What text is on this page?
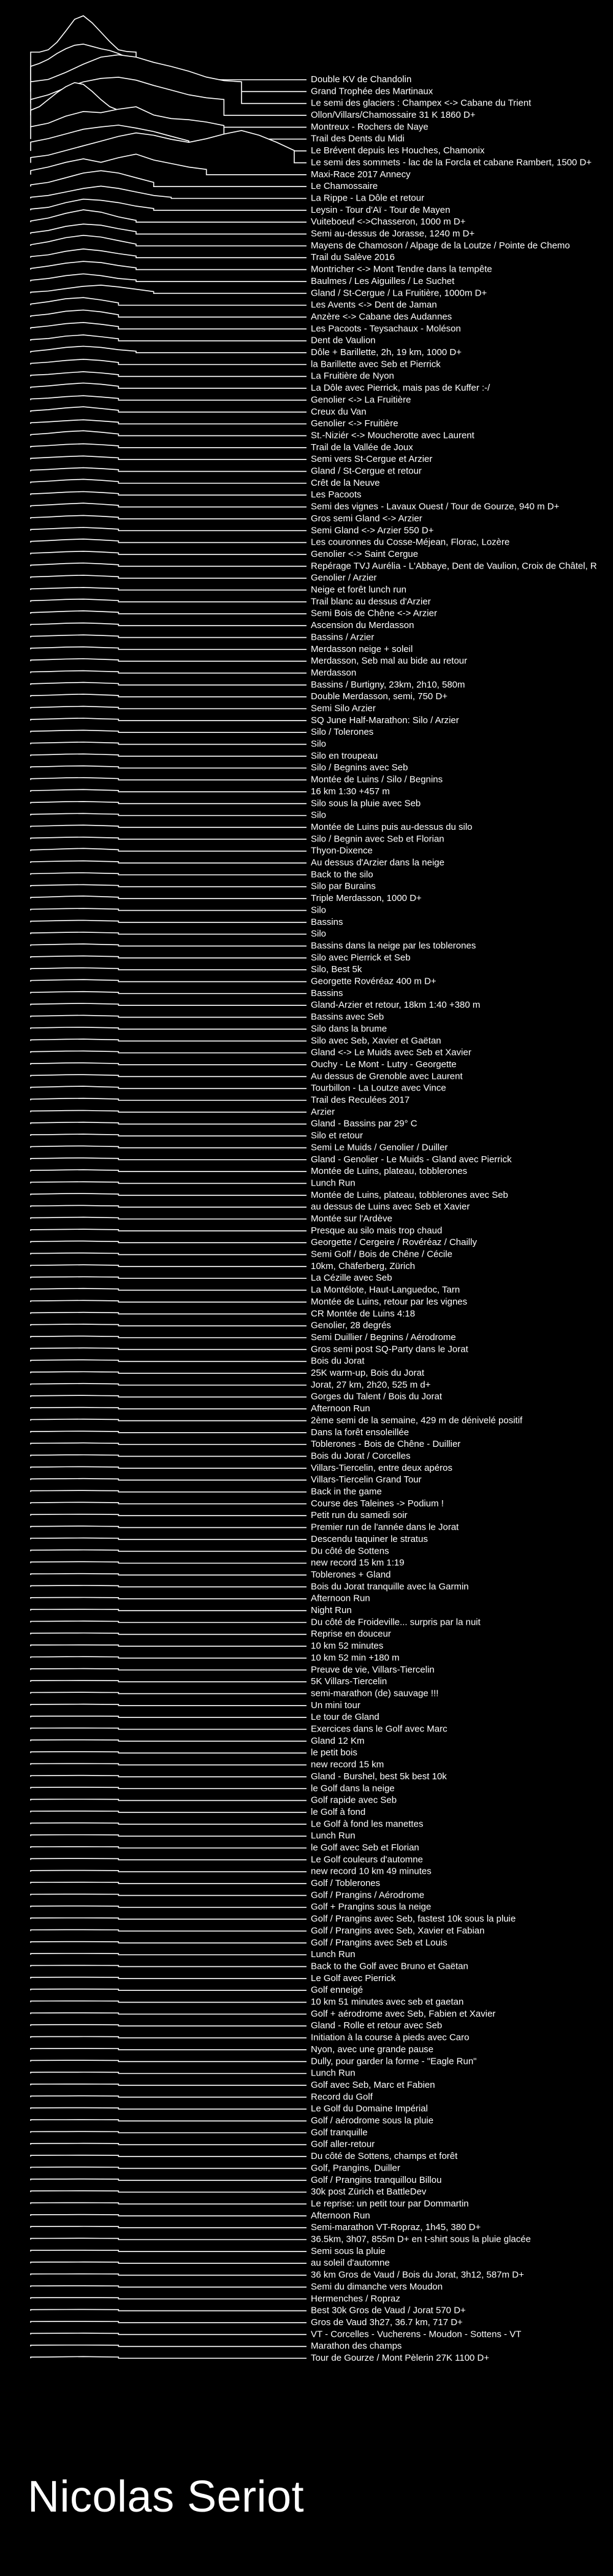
Double KV de Chandolin
Grand Trophée des Martinaux
Le semi des glaciers : Champex <-> Cabane du Trient
Ollon/Villars/Chamossaire 31 K 1860 D+
Montreux - Rochers de Naye
Trail des Dents du Midi
Le Brévent depuis les Houches, Chamonix
Le semi des sommets - lac de la Forcla et cabane Rambert, 1500 D+
Maxi-Race 2017 Annecy
Le Chamossaire
La Rippe - La Dôle et retour
Leysin - Tour d'Aï - Tour de Mayen
Vuiteboeuf <->Chasseron, 1000 m D+
Semi au-dessus de Jorasse, 1240 m D+
Mayens de Chamoson / Alpage de la Loutze / Pointe de Chemo
Trail du Salève 2016
Montricher <-> Mont Tendre dans la tempête
Baulmes / Les Aiguilles / Le Suchet
Gland / St-Cergue / La Fruitière, 1000m D+
Les Avents <-> Dent de Jaman
Anzère <-> Cabane des Audannes
Les Pacoots - Teysachaux - Moléson
Dent de Vaulion
Dôle + Barillette, 2h, 19 km, 1000 D+
la Barillette avec Seb et Pierrick
La Fruitière de Nyon
La Dôle avec Pierrick, mais pas de Kuffer :-/
Genolier <-> La Fruitière
Creux du Van
Genolier <-> Fruitière
St.-Niziér <-> Moucherotte avec Laurent
Trail de la Vallée de Joux
Semi vers St-Cergue et Arzier
Gland / St-Cergue et retour
Crêt de la Neuve
Les Pacoots
Semi des vignes - Lavaux Ouest / Tour de Gourze, 940 m D+
Gros semi Gland <-> Arzier
Semi Gland <-> Arzier 550 D+
Les couronnes du Cosse-Méjean, Florac, Lozère
Genolier <-> Saint Cergue
Repérage TVJ Aurélia - L'Abbaye, Dent de Vaulion, Croix de Châtel, R
Genolier / Arzier
Neige et forêt lunch run
Trail blanc au dessus d'Arzier
Semi Bois de Chêne <-> Arzier
Ascension du Merdasson
Bassins / Arzier
Merdasson neige + soleil
Merdasson, Seb mal au bide au retour
Merdasson
Bassins / Burtigny, 23km, 2h10, 580m
Double Merdasson, semi, 750 D+
Semi Silo Arzier
SQ June Half-Marathon: Silo / Arzier
Silo / Tolerones
Silo
Silo en troupeau
Silo / Begnins avec Seb
Montée de Luins / Silo / Begnins
16 km 1:30 +457 m
Silo sous la pluie avec Seb
Silo
Montée de Luins puis au-dessus du silo
Silo / Begnin avec Seb et Florian
Thyon-Dixence
Au dessus d'Arzier dans la neige
Back to the silo
Silo par Burains
Triple Merdasson, 1000 D+
Silo
Bassins
Silo
Bassins dans la neige par les toblerones
Silo avec Pierrick et Seb
Silo, Best 5k
Georgette Rovéréaz 400 m D+
Bassins
Gland-Arzier et retour, 18km 1:40 +380 m
Bassins avec Seb
Silo dans la brume
Silo avec Seb, Xavier et Gaëtan
Gland <-> Le Muids avec Seb et Xavier
Ouchy - Le Mont - Lutry - Georgette
Au dessus de Grenoble avec Laurent
Tourbillon - La Loutze avec Vince
Trail des Reculées 2017
Arzier
Gland - Bassins par 29° C
Silo et retour
Semi Le Muids / Genolier / Duiller
Gland - Genolier - Le Muids - Gland avec Pierrick
Montée de Luins, plateau, tobblerones
Lunch Run
Montée de Luins, plateau, tobblerones avec Seb
au dessus de Luins avec Seb et Xavier
Montée sur l'Ardève
Presque au silo mais trop chaud
Georgette / Cergeire / Rovéréaz / Chailly
Semi Golf / Bois de Chêne / Cécile
10km, Chäferberg, Zürich
La Cézille avec Seb
La Montélote, Haut-Languedoc, Tarn
Montée de Luins, retour par les vignes
CR Montée de Luins 4:18
Genolier, 28 degrés
Semi Duillier / Begnins / Aérodrome
Gros semi post SQ-Party dans le Jorat
Bois du Jorat
25K warm-up, Bois du Jorat
Jorat, 27 km, 2h20, 525 m d+
Gorges du Talent / Bois du Jorat
Afternoon Run
2ème semi de la semaine, 429 m de dénivelé positif
Dans la forêt ensoleillée
Toblerones - Bois de Chêne - Duillier
Bois du Jorat / Corcelles
Villars-Tiercelin, entre deux apéros
Villars-Tiercelin Grand Tour
Back in the game
Course des Taleines -> Podium !
Petit run du samedi soir
Premier run de l'année dans le Jorat
Descendu taquiner le stratus
Du côté de Sottens
new record 15 km 1:19
Toblerones + Gland
Bois du Jorat tranquille avec la Garmin
Afternoon Run
Night Run
Du côté de Froideville... surpris par la nuit
Reprise en douceur
10 km 52 minutes
10 km 52 min +180 m
Preuve de vie, Villars-Tiercelin
5K Villars-Tiercelin
semi-marathon (de) sauvage !!!
Un mini tour
Le tour de Gland
Exercices dans le Golf avec Marc
Gland 12 Km
le petit bois
new record 15 km
Gland - Burshel, best 5k best 10k
le Golf dans la neige
Golf rapide avec Seb
le Golf à fond
Le Golf à fond les manettes
Lunch Run
le Golf avec Seb et Florian
Le Golf couleurs d'automne
new record 10 km 49 minutes
Golf / Toblerones
Golf / Prangins / Aérodrome
Golf + Prangins sous la neige
Golf / Prangins avec Seb, fastest 10k sous la pluie
Golf / Prangins avec Seb, Xavier et Fabian
Golf / Prangins avec Seb et Louis
Lunch Run
Back to the Golf avec Bruno et Gaëtan
Le Golf avec Pierrick
Golf enneigé
10 km 51 minutes avec seb et gaetan
Golf + aérodrome avec Seb, Fabien et Xavier
Gland - Rolle et retour avec Seb
Initiation à la course à pieds avec Caro
Nyon, avec une grande pause
Dully, pour garder la forme - "Eagle Run"
Lunch Run
Golf avec Seb, Marc et Fabien
Record du Golf
Le Golf du Domaine Impérial
Golf / aérodrome sous la pluie
Golf tranquille
Golf aller-retour
Du côté de Sottens, champs et forêt
Golf, Prangins, Duiller
Golf / Prangins tranquillou Billou
30k post Zürich et BattleDev
Le reprise: un petit tour par Dommartin
Afternoon Run
Semi-marathon VT-Ropraz, 1h45, 380 D+
36.5km, 3h07, 855m D+ en t-shirt sous la pluie glacée
Semi sous la pluie
au soleil d'automne
36 km Gros de Vaud / Bois du Jorat, 3h12, 587m D+
Semi du dimanche vers Moudon
Hermenches / Ropraz
Best 30k Gros de Vaud / Jorat 570 D+
Gros de Vaud 3h27, 36.7 km, 717 D+
VT - Corcelles - Vucherens - Moudon - Sottens - VT
Marathon des champs
Tour de Gourze / Mont Pèlerin 27K 1100 D+
Nicolas Seriot
